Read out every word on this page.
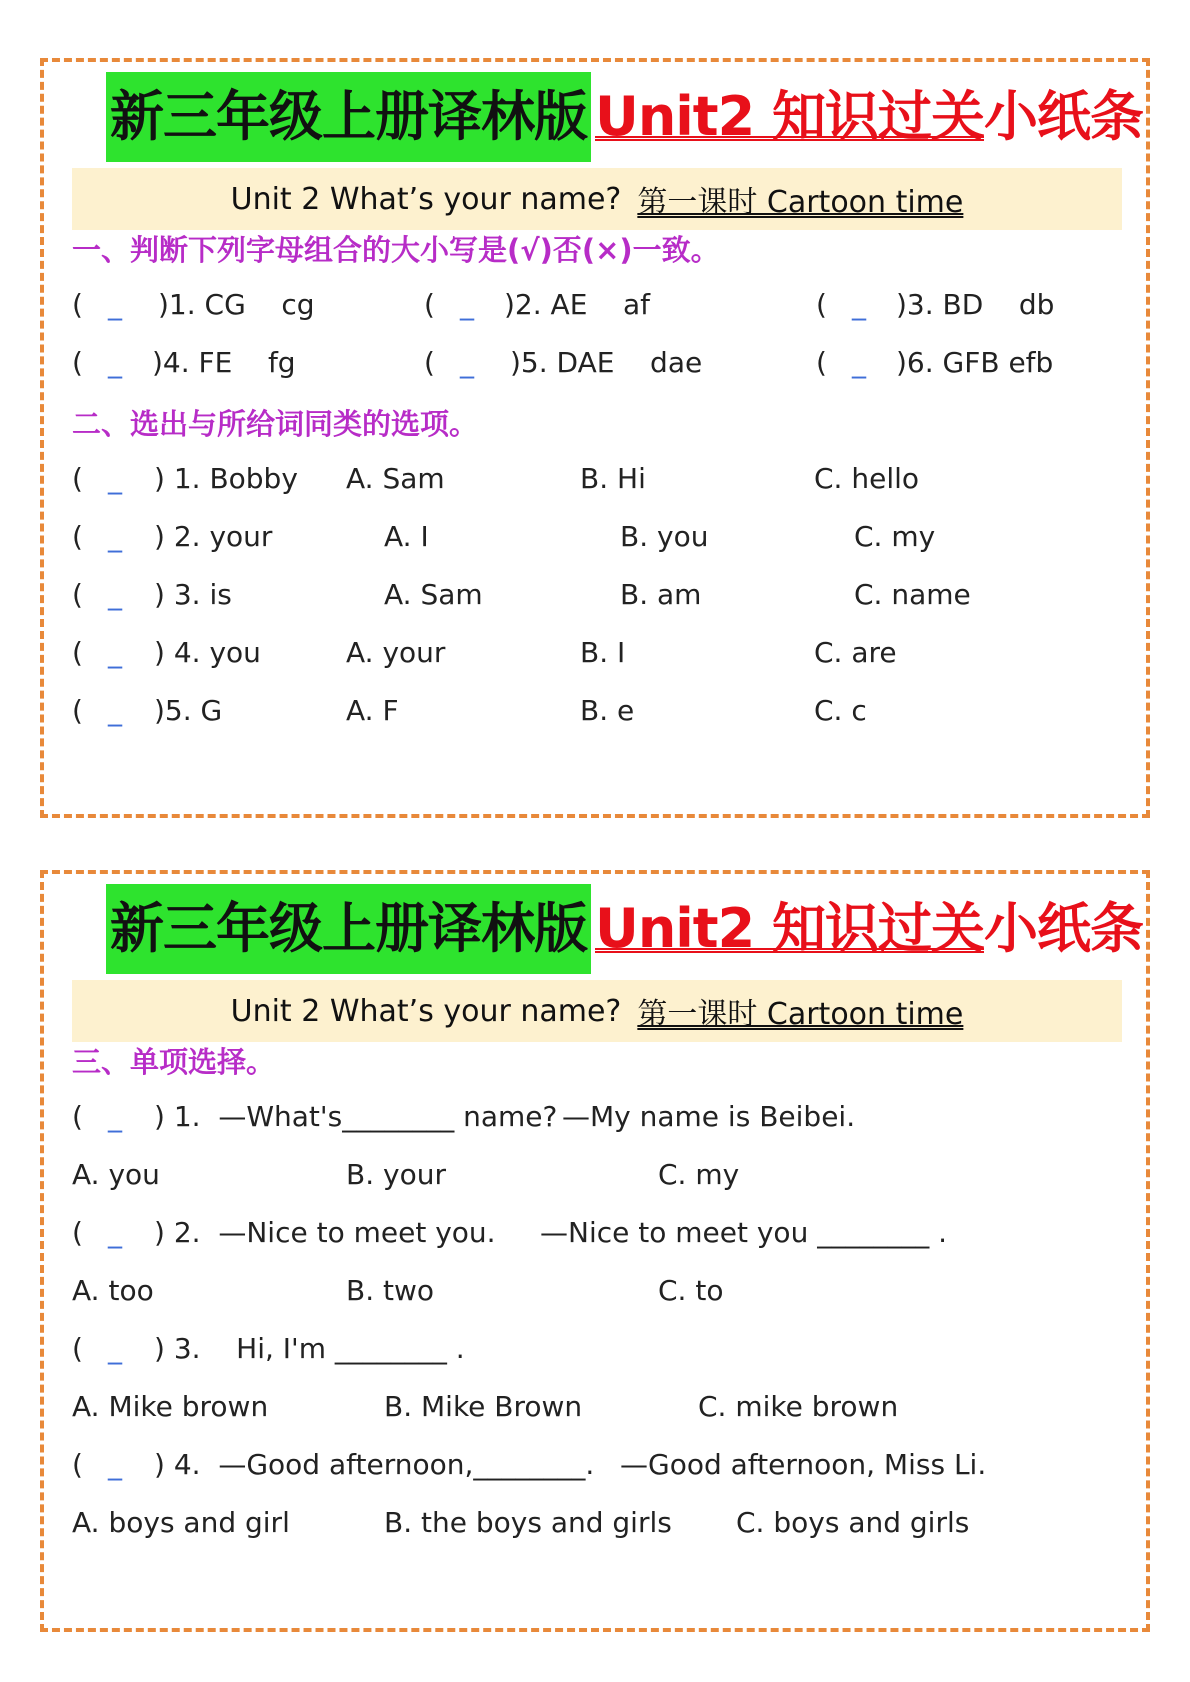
新三年级上册译林版 Unit2 知识过关小纸条
Unit 2 What’s your name? 第一课时 Cartoon time
一、判断下列字母组合的大小写是(√)否(×)一致。
( _ )1. CG    cg	( _ )2. AE    af	( _ )3. BD    db
( _ )4. FE    fg	( _ )5. DAE    dae	( _ )6. GFB efb
二、选出与所给词同类的选项。
( _ ) 1. Bobby A. Sam	B. Hi	C. hello
( _ ) 2. your	A. I	B. you	C. my
( _ ) 3. is	A. Sam	B. am	C. name
( _ ) 4. you	A. your	B. I	C. are
( _ )5. G	A. F	B. e	C. c
新三年级上册译林版 Unit2 知识过关小纸条
Unit 2 What’s your name? 第一课时 Cartoon time
三、单项选择。
( _ ) 1.  —What's________ name? —My name is Beibei.
A. you	B. your	C. my
( _ ) 2.  —Nice to meet you. —Nice to meet you ________ .
A. too	B. two	C. to
( _ ) 3.    Hi, I'm ________ .
A. Mike brown	B. Mike Brown	C. mike brown
( _ ) 4.  —Good afternoon,________. —Good afternoon, Miss Li.
A. boys and girl	B. the boys and girls C. boys and girls
